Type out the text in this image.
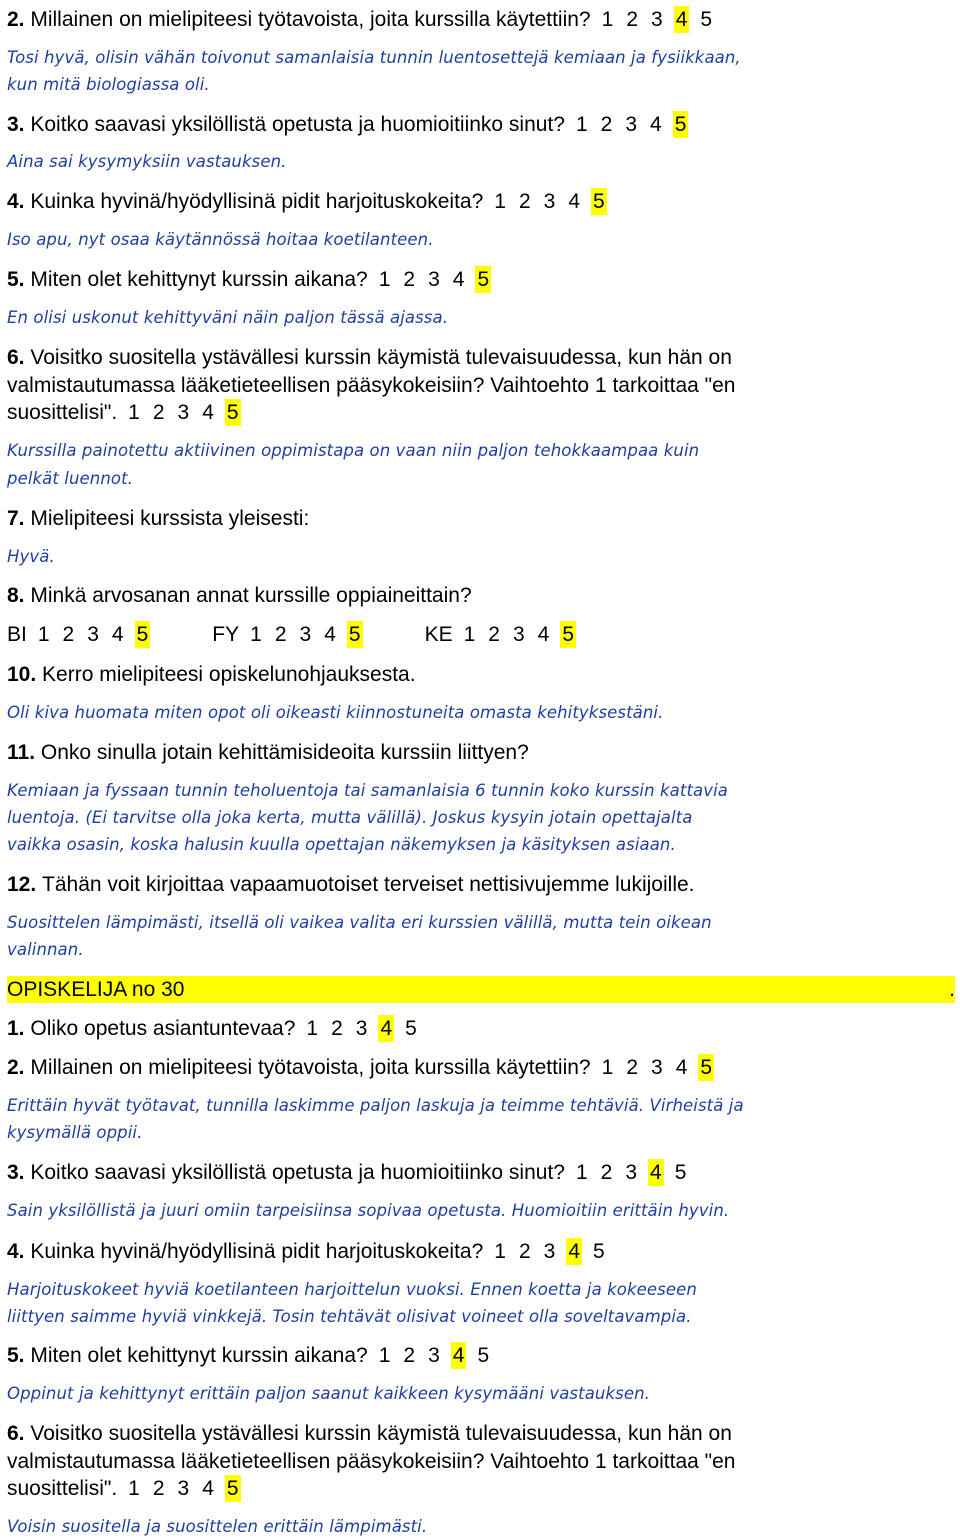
2. Millainen on mielipiteesi työtavoista, joita kurssilla käytettiin? 1 2 3 4 5
Tosi hyvä, olisin vähän toivonut samanlaisia tunnin luentosettejä kemiaan ja fysiikkaan,
kun mitä biologiassa oli.
3. Koitko saavasi yksilöllistä opetusta ja huomioitiinko sinut? 1 2 3 4 5
Aina sai kysymyksiin vastauksen.
4. Kuinka hyvinä/hyödyllisinä pidit harjoituskokeita? 1 2 3 4 5
Iso apu, nyt osaa käytännössä hoitaa koetilanteen.
5. Miten olet kehittynyt kurssin aikana? 1 2 3 4 5
En olisi uskonut kehittyväni näin paljon tässä ajassa.
6. Voisitko suositella ystävällesi kurssin käymistä tulevaisuudessa, kun hän on
valmistautumassa lääketieteellisen pääsykokeisiin? Vaihtoehto 1 tarkoittaa "en
suosittelisi". 1 2 3 4 5
Kurssilla painotettu aktiivinen oppimistapa on vaan niin paljon tehokkaampaa kuin
pelkät luennot.
7. Mielipiteesi kurssista yleisesti:
Hyvä.
8. Minkä arvosanan annat kurssille oppiaineittain?
BI 1 2 3 4 5	FY 1 2 3 4 5	KE 1 2 3 4 5
10. Kerro mielipiteesi opiskelunohjauksesta.
Oli kiva huomata miten opot oli oikeasti kiinnostuneita omasta kehityksestäni.
11. Onko sinulla jotain kehittämisideoita kurssiin liittyen?
Kemiaan ja fyssaan tunnin teholuentoja tai samanlaisia 6 tunnin koko kurssin kattavia
luentoja. (Ei tarvitse olla joka kerta, mutta välillä). Joskus kysyin jotain opettajalta
vaikka osasin, koska halusin kuulla opettajan näkemyksen ja käsityksen asiaan.
12. Tähän voit kirjoittaa vapaamuotoiset terveiset nettisivujemme lukijoille.
Suosittelen lämpimästi, itsellä oli vaikea valita eri kurssien välillä, mutta tein oikean
valinnan.
OPISKELIJA no 30	.
1. Oliko opetus asiantuntevaa? 1 2 3 4 5
2. Millainen on mielipiteesi työtavoista, joita kurssilla käytettiin? 1 2 3 4 5
Erittäin hyvät työtavat, tunnilla laskimme paljon laskuja ja teimme tehtäviä. Virheistä ja
kysymällä oppii.
3. Koitko saavasi yksilöllistä opetusta ja huomioitiinko sinut? 1 2 3 4 5
Sain yksilöllistä ja juuri omiin tarpeisiinsa sopivaa opetusta. Huomioitiin erittäin hyvin.
4. Kuinka hyvinä/hyödyllisinä pidit harjoituskokeita? 1 2 3 4 5
Harjoituskokeet hyviä koetilanteen harjoittelun vuoksi. Ennen koetta ja kokeeseen
liittyen saimme hyviä vinkkejä. Tosin tehtävät olisivat voineet olla soveltavampia.
5. Miten olet kehittynyt kurssin aikana? 1 2 3 4 5
Oppinut ja kehittynyt erittäin paljon saanut kaikkeen kysymääni vastauksen.
6. Voisitko suositella ystävällesi kurssin käymistä tulevaisuudessa, kun hän on
valmistautumassa lääketieteellisen pääsykokeisiin? Vaihtoehto 1 tarkoittaa "en
suosittelisi". 1 2 3 4 5
Voisin suositella ja suosittelen erittäin lämpimästi.
